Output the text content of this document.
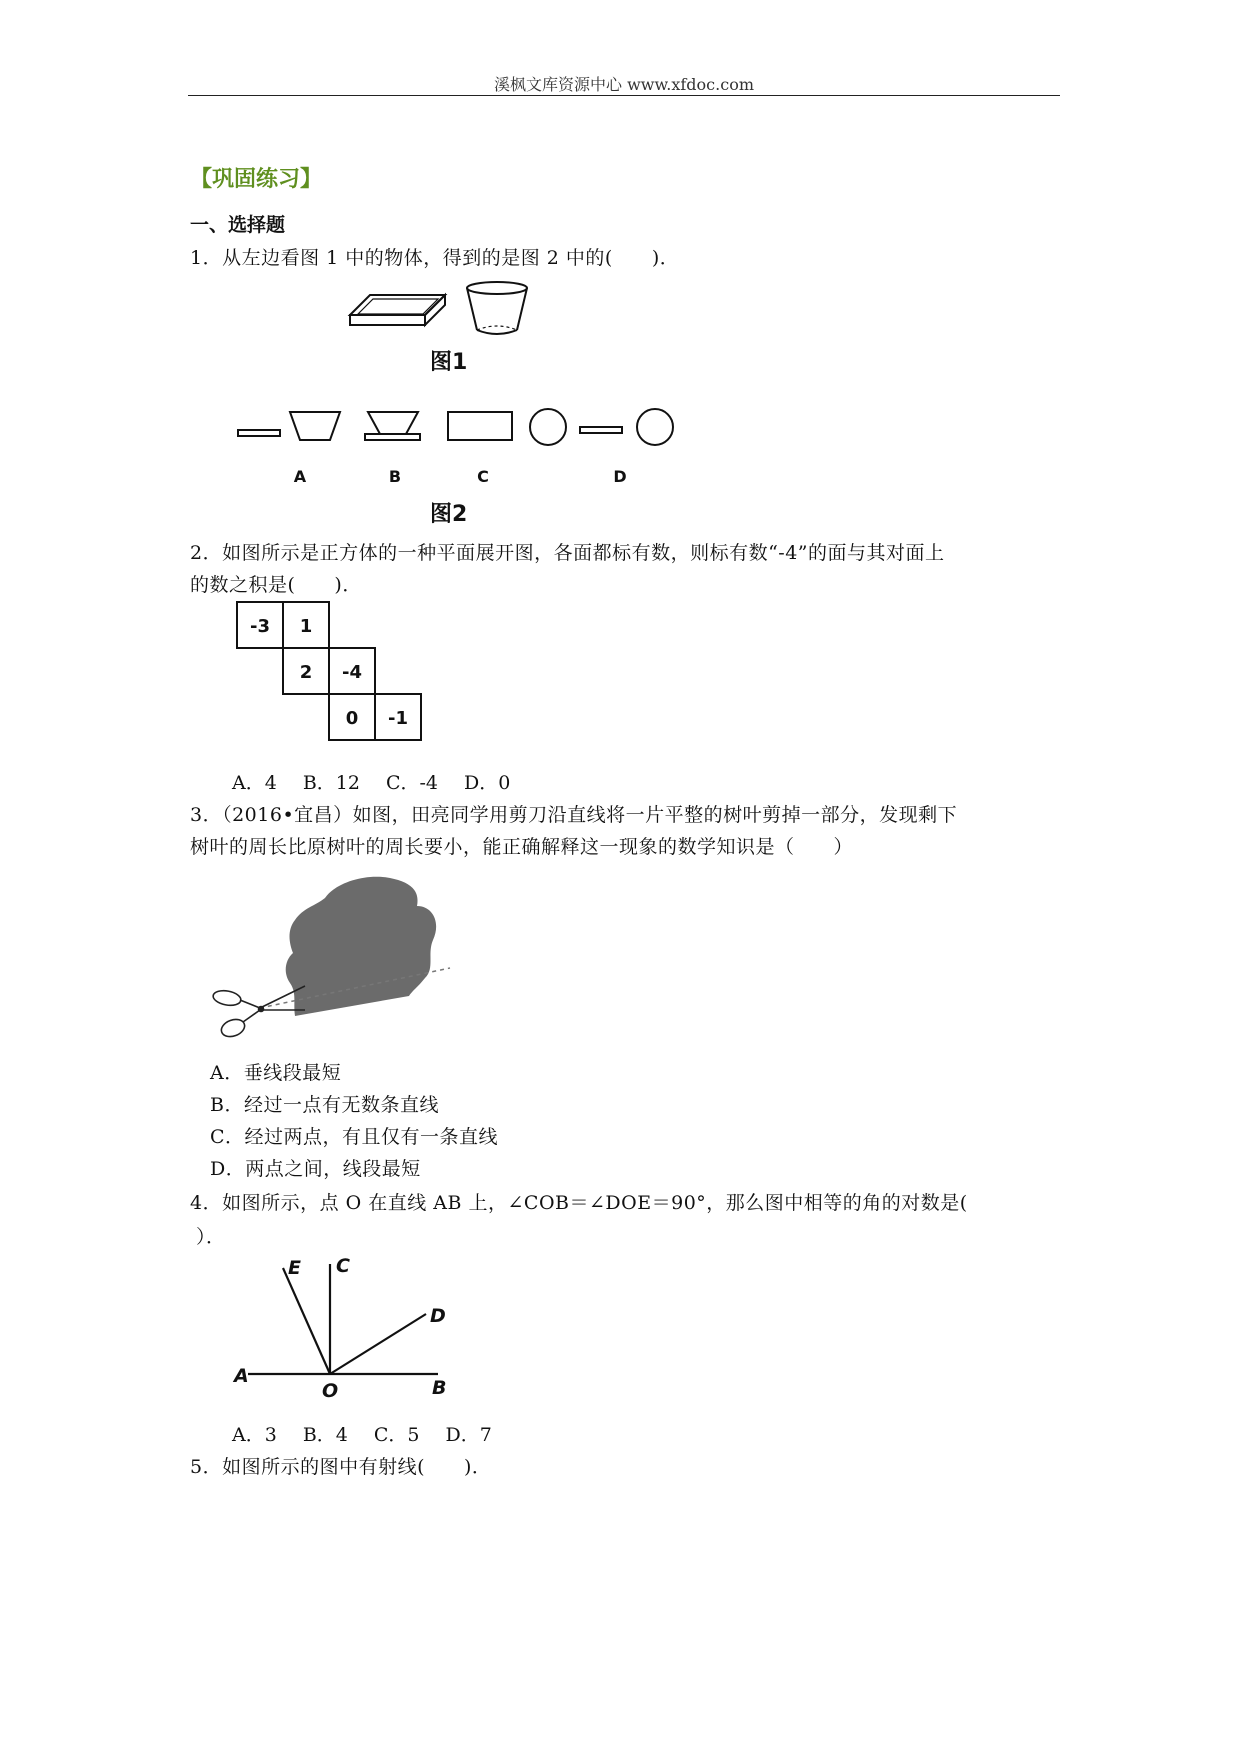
溪枫文库资源中心 www.xfdoc.com
【巩固练习】
一、选择题
1．从左边看图 1 中的物体，得到的是图 2 中的(　　)．
图1
A	B	C	D
图2
2．如图所示是正方体的一种平面展开图，各面都标有数，则标有数“-4”的面与其对面上
的数之积是(　　)．
-3 1
2 -4
0 -1
A．4 B．12 C．-4 D．0
3．（2016•宜昌）如图，田亮同学用剪刀沿直线将一片平整的树叶剪掉一部分，发现剩下
树叶的周长比原树叶的周长要小，能正确解释这一现象的数学知识是（　　）
A．垂线段最短
B．经过一点有无数条直线
C．经过两点，有且仅有一条直线
D．两点之间，线段最短
4．如图所示，点 O 在直线 AB 上，∠COB＝∠DOE＝90°，那么图中相等的角的对数是(
）．
E C
D
A
O	B
A．3 B．4 C．5 D．7
5．如图所示的图中有射线(　　)．
